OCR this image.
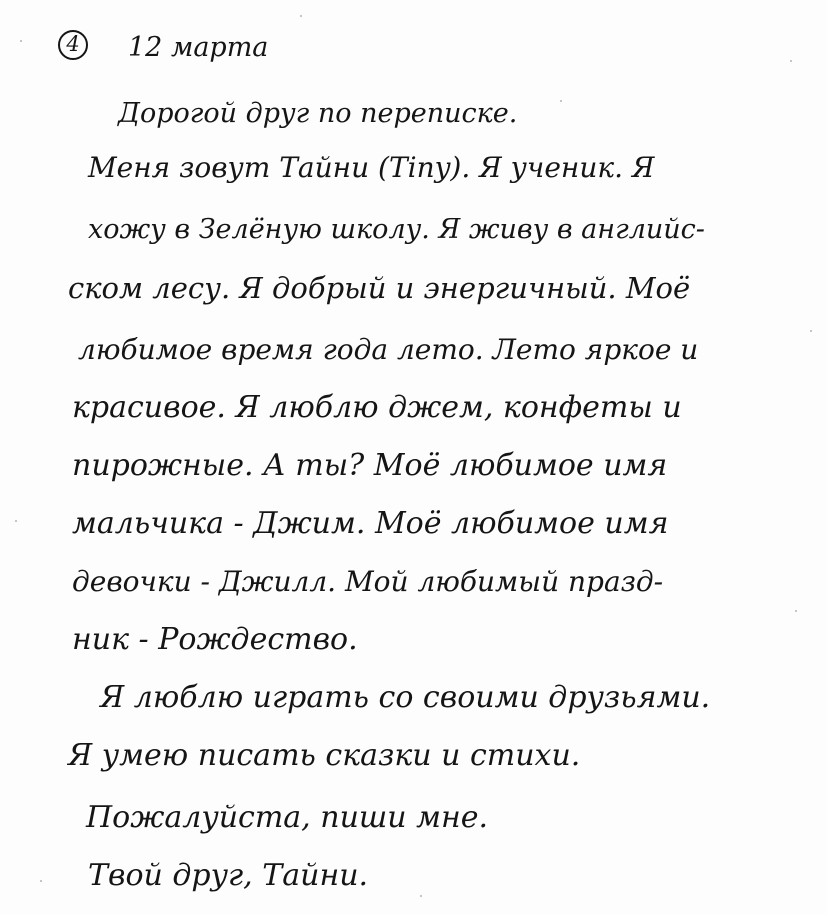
4	12 марта
Дорогой друг по переписке.
Меня зовут Тайни (Tiny). Я ученик. Я
хожу в Зелёную школу. Я живу в английс-
ском лесу. Я добрый и энергичный. Моё
любимое время года лето. Лето яркое и
красивое. Я люблю джем, конфеты и
пирожные. А ты? Моё любимое имя
мальчика - Джим. Моё любимое имя
девочки - Джилл. Мой любимый празд-
ник - Рождество.
Я люблю играть со своими друзьями.
Я умею писать сказки и стихи.
Пожалуйста, пиши мне.
Твой друг, Тайни.
